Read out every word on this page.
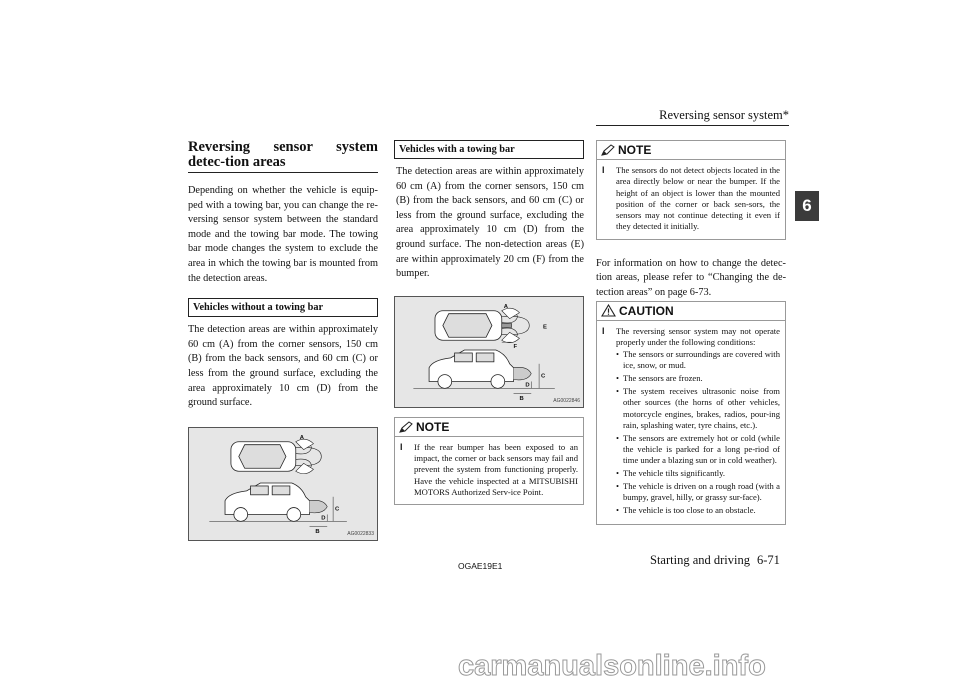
Reversing sensor system*
6
Reversing sensor system detec-tion areas
Depending on whether the vehicle is equip-ped with a towing bar, you can change the re-versing sensor system between the standard mode and the towing bar mode. The towing bar mode changes the system to exclude the area in which the towing bar is mounted from the detection areas.
Vehicles without a towing bar
The detection areas are within approximately 60 cm (A) from the corner sensors, 150 cm (B) from the back sensors, and 60 cm (C) or less from the ground surface, excluding the area approximately 10 cm (D) from the ground surface.
A
B
C
D
AG0022833
Vehicles with a towing bar
The detection areas are within approximately 60 cm (A) from the corner sensors, 150 cm (B) from the back sensors, and 60 cm (C) or less from the ground surface, excluding the area approximately 10 cm (D) from the ground surface. The non-detection areas (E) are within approximately 20 cm (F) from the bumper.
A
B
C
D
E
F
AG0022846
NOTE
l	If the rear bumper has been exposed to an impact, the corner or back sensors may fail and prevent the system from functioning properly. Have the vehicle inspected at a MITSUBISHI MOTORS Authorized Serv-ice Point.
NOTE
l	The sensors do not detect objects located in the area directly below or near the bumper. If the height of an object is lower than the mounted position of the corner or back sen-sors, the sensors may not continue detecting it even if they detected it initially.
For information on how to change the detec-tion areas, please refer to “Changing the de-tection areas” on page 6-73.
CAUTION
l	The reversing sensor system may not operate properly under the following conditions:
• The sensors or surroundings are covered with ice, snow, or mud.
• The sensors are frozen.
• The system receives ultrasonic noise from other sources (the horns of other vehicles, motorcycle engines, brakes, radios, pour-ing rain, splashing water, tyre chains, etc.).
• The sensors are extremely hot or cold (while the vehicle is parked for a long pe-riod of time under a blazing sun or in cold weather).
• The vehicle tilts significantly.
• The vehicle is driven on a rough road (with a bumpy, gravel, hilly, or grassy sur-face).
• The vehicle is too close to an obstacle.
OGAE19E1	Starting and driving 6-71
carmanualsonline.info
